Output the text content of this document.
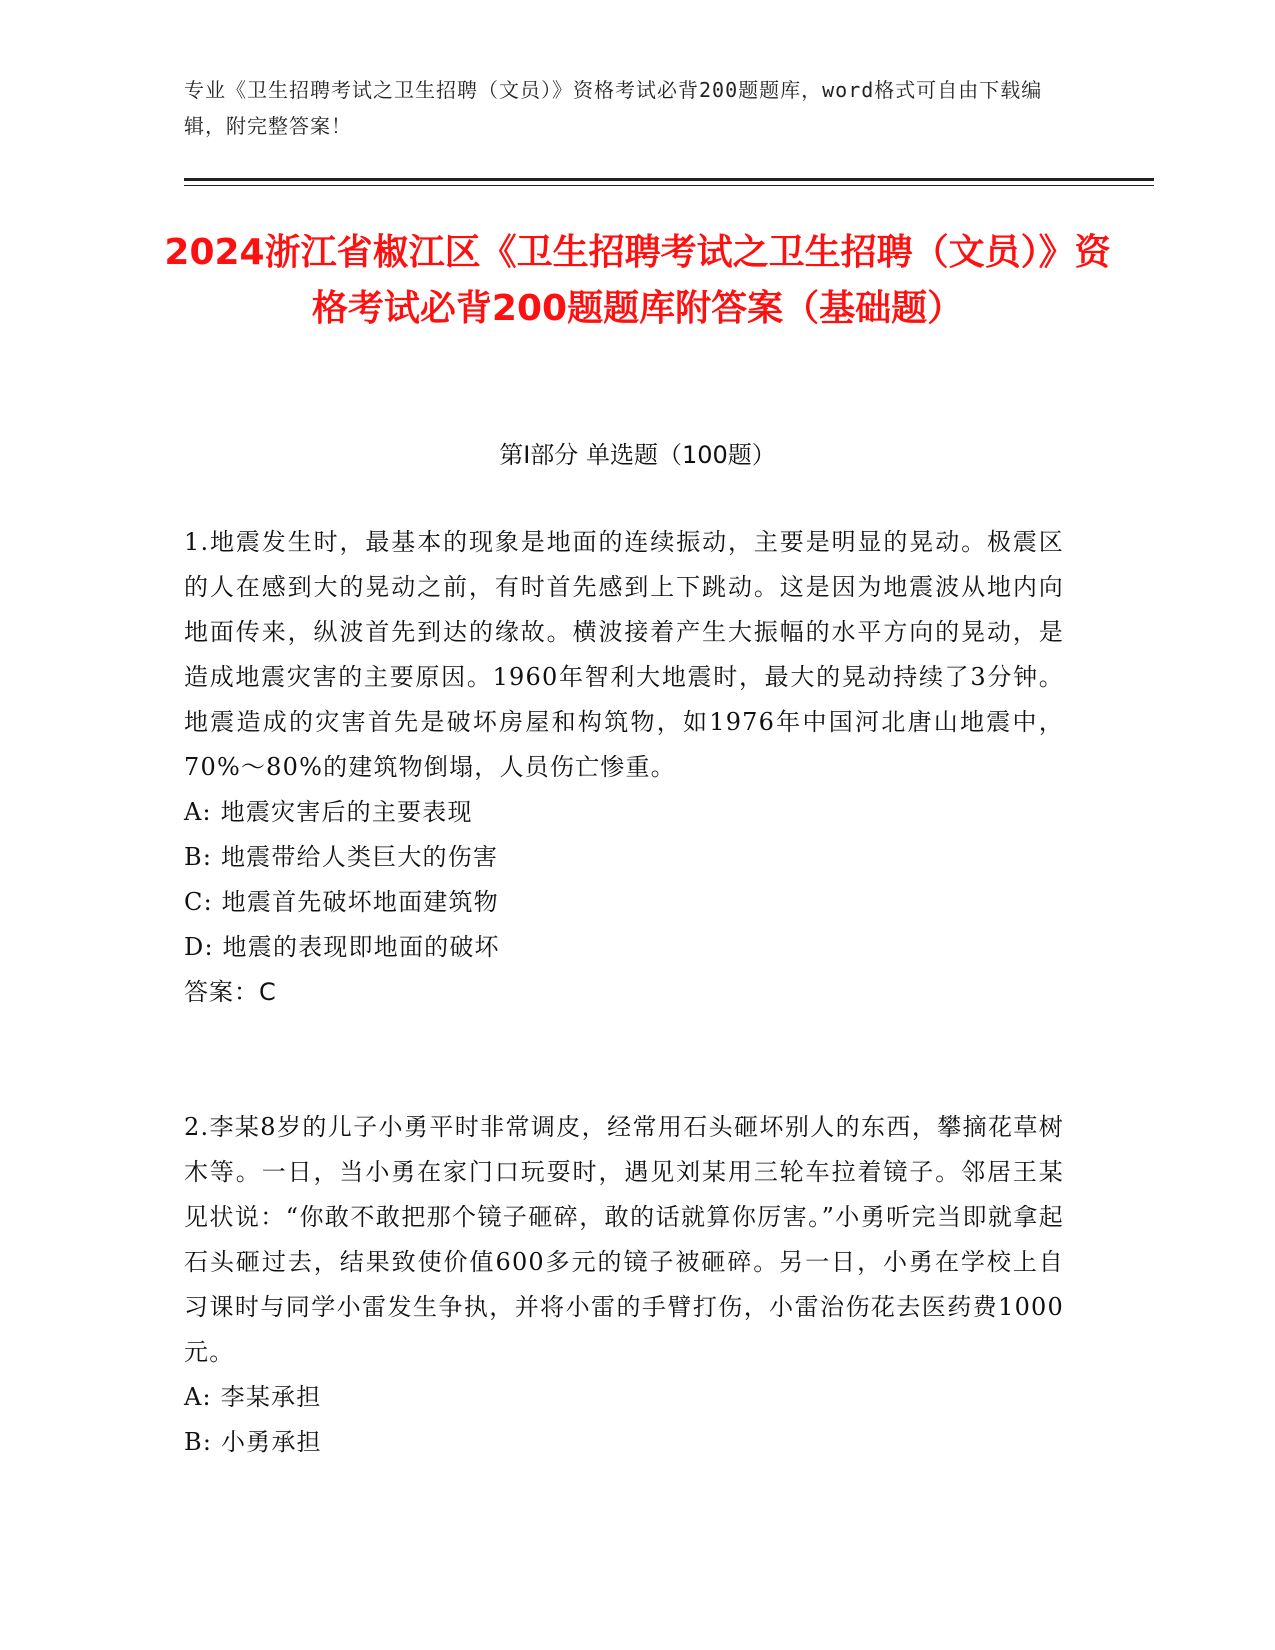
专业《卫生招聘考试之卫生招聘（文员）》资格考试必背200题题库，word格式可自由下载编辑，附完整答案！
2024浙江省椒江区《卫生招聘考试之卫生招聘（文员）》资格考试必背200题题库附答案（基础题）
第Ⅰ部分 单选题（100题）

1.地震发生时，最基本的现象是地面的连续振动，主要是明显的晃动。极震区的人在感到大的晃动之前，有时首先感到上下跳动。这是因为地震波从地内向地面传来，纵波首先到达的缘故。横波接着产生大振幅的水平方向的晃动，是造成地震灾害的主要原因。1960年智利大地震时，最大的晃动持续了3分钟。地震造成的灾害首先是破坏房屋和构筑物，如1976年中国河北唐山地震中，70%～80%的建筑物倒塌，人员伤亡惨重。

A: 地震灾害后的主要表现

B: 地震带给人类巨大的伤害

C: 地震首先破坏地面建筑物

D: 地震的表现即地面的破坏

答案：C

2.李某8岁的儿子小勇平时非常调皮，经常用石头砸坏别人的东西，攀摘花草树木等。一日，当小勇在家门口玩耍时，遇见刘某用三轮车拉着镜子。邻居王某见状说：“你敢不敢把那个镜子砸碎，敢的话就算你厉害。”小勇听完当即就拿起石头砸过去，结果致使价值600多元的镜子被砸碎。另一日，小勇在学校上自习课时与同学小雷发生争执，并将小雷的手臂打伤，小雷治伤花去医药费1000元。

A: 李某承担

B: 小勇承担
